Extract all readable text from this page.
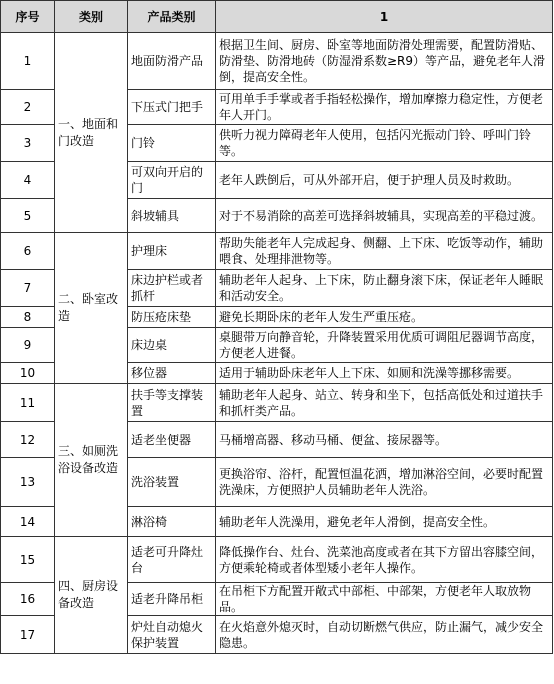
序号	类别	产品类别	1
1	一、地面和门改造	地面防滑产品	根据卫生间、厨房、卧室等地面防滑处理需要，配置防滑贴、防滑垫、防滑地砖（防湿滑系数≥R9）等产品，避免老年人滑倒，提高安全性。
2		下压式门把手	可用单手手掌或者手指轻松操作，增加摩擦力稳定性，方便老年人开门。
3		门铃	供听力视力障碍老年人使用，包括闪光振动门铃、呼叫门铃等。
4		可双向开启的门	老年人跌倒后，可从外部开启，便于护理人员及时救助。
5		斜坡辅具	对于不易消除的高差可选择斜坡辅具，实现高差的平稳过渡。
6	二、卧室改造	护理床	帮助失能老年人完成起身、侧翻、上下床、吃饭等动作，辅助喂食、处理排泄物等。
7		床边护栏或者抓杆	辅助老年人起身、上下床，防止翻身滚下床，保证老年人睡眠和活动安全。
8		防压疮床垫	避免长期卧床的老年人发生严重压疮。
9		床边桌	桌腿带万向静音轮，升降装置采用优质可调阻尼器调节高度，方便老人进餐。
10		移位器	适用于辅助卧床老年人上下床、如厕和洗澡等挪移需要。
11	三、如厕洗浴设备改造	扶手等支撑装置	辅助老年人起身、站立、转身和坐下，包括高低处和过道扶手和抓杆类产品。
12		适老坐便器	马桶增高器、移动马桶、便盆、接尿器等。
13		洗浴装置	更换浴帘、浴杆，配置恒温花洒，增加淋浴空间，必要时配置洗澡床，方便照护人员辅助老年人洗浴。
14		淋浴椅	辅助老年人洗澡用，避免老年人滑倒，提高安全性。
15	四、厨房设备改造	适老可升降灶台	降低操作台、灶台、洗菜池高度或者在其下方留出容膝空间，方便乘轮椅或者体型矮小老年人操作。
16		适老升降吊柜	在吊柜下方配置开敞式中部柜、中部架，方便老年人取放物品。
17		炉灶自动熄火保护装置	在火焰意外熄灭时，自动切断燃气供应，防止漏气，减少安全隐患。
